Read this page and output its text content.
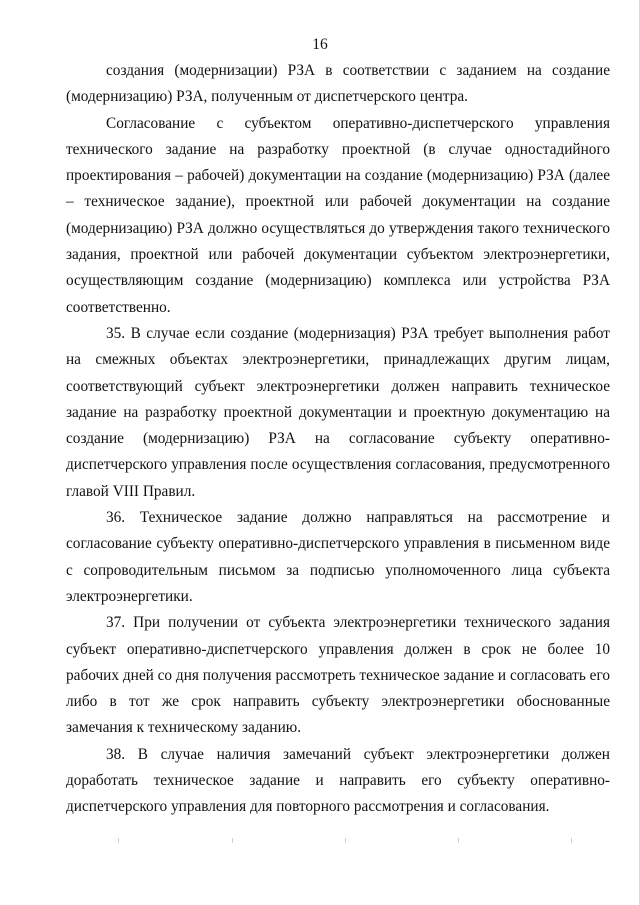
16

создания (модернизации) РЗА в соответствии с заданием на создание (модернизацию) РЗА, полученным от диспетчерского центра.

Согласование с субъектом оперативно-диспетчерского управления технического задание на разработку проектной (в случае одностадийного проектирования – рабочей) документации на создание (модернизацию) РЗА (далее – техническое задание), проектной или рабочей документации на создание (модернизацию) РЗА должно осуществляться до утверждения такого технического задания, проектной или рабочей документации субъектом электроэнергетики, осуществляющим создание (модернизацию) комплекса или устройства РЗА соответственно.

35. В случае если создание (модернизация) РЗА требует выполнения работ на смежных объектах электроэнергетики, принадлежащих другим лицам, соответствующий субъект электроэнергетики должен направить техническое задание на разработку проектной документации и проектную документацию на создание (модернизацию) РЗА на согласование субъекту оперативно-диспетчерского управления после осуществления согласования, предусмотренного главой VIII Правил.

36. Техническое задание должно направляться на рассмотрение и согласование субъекту оперативно-диспетчерского управления в письменном виде с сопроводительным письмом за подписью уполномоченного лица субъекта электроэнергетики.

37. При получении от субъекта электроэнергетики технического задания субъект оперативно-диспетчерского управления должен в срок не более 10 рабочих дней со дня получения рассмотреть техническое задание и согласовать его либо в тот же срок направить субъекту электроэнергетики обоснованные замечания к техническому заданию.

38. В случае наличия замечаний субъект электроэнергетики должен доработать техническое задание и направить его субъекту оперативно-диспетчерского управления для повторного рассмотрения и согласования.
